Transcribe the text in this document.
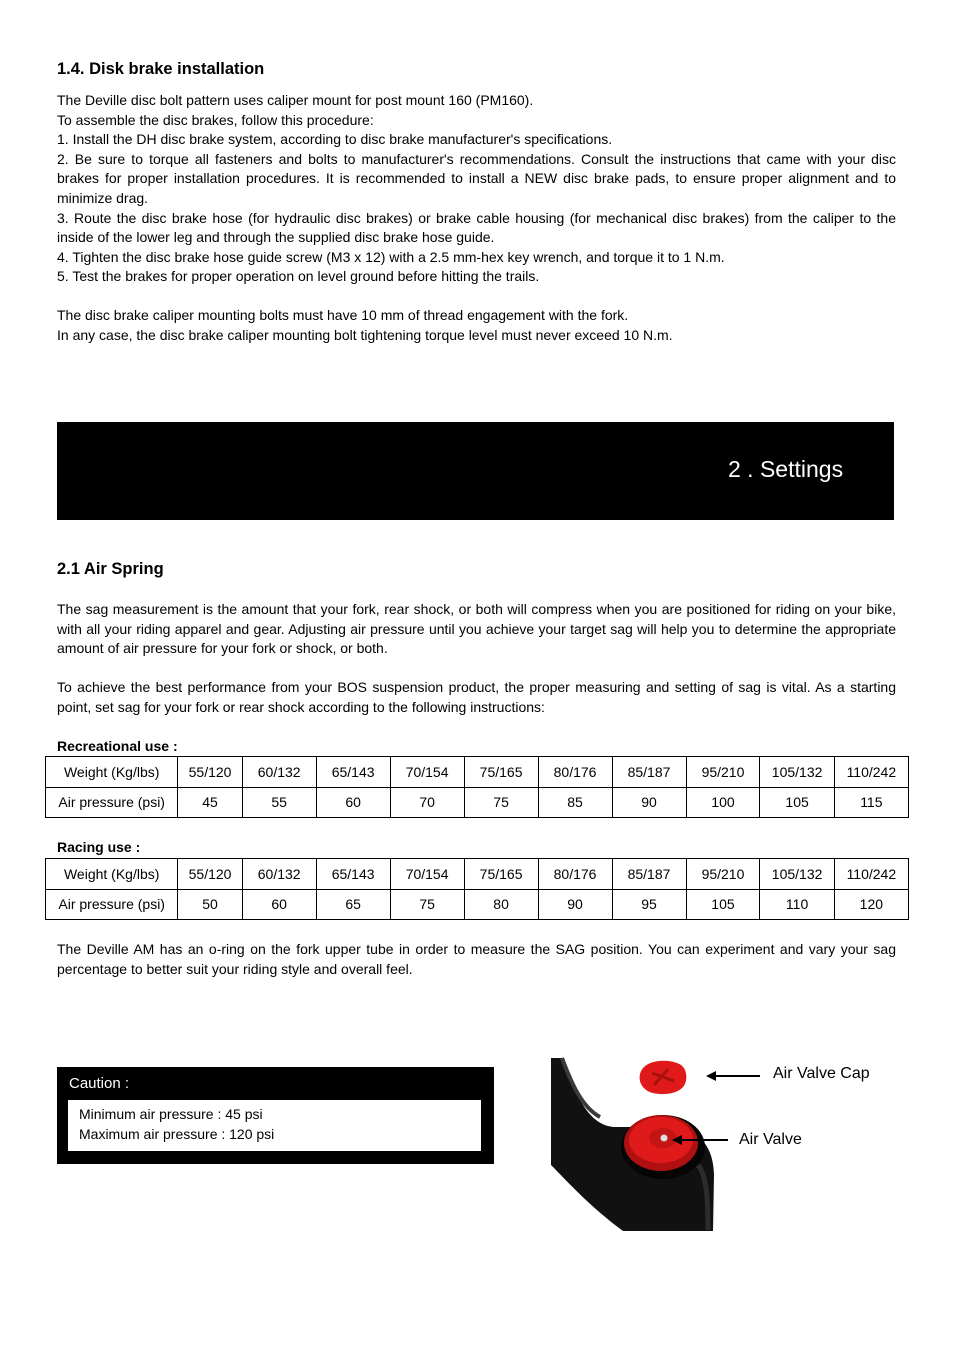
1.4. Disk brake installation

The Deville disc bolt pattern uses caliper mount for post mount 160 (PM160).

To assemble the disc brakes, follow this procedure:

1. Install the DH disc brake system, according to disc brake manufacturer's specifications.

2. Be sure to torque all fasteners and bolts to manufacturer's recommendations. Consult the instructions that came with your disc brakes for proper installation procedures. It is recommended to install a NEW disc brake pads, to ensure proper alignment and to minimize drag.

3. Route the disc brake hose (for hydraulic disc brakes) or brake cable housing (for mechanical disc brakes) from the caliper to the inside of the lower leg and through the supplied disc brake hose guide.

4. Tighten the disc brake hose guide screw (M3 x 12) with a 2.5 mm-hex key wrench, and torque it to 1 N.m.

5. Test the brakes for proper operation on level ground before hitting the trails.

The disc brake caliper mounting bolts must have 10 mm of thread engagement with the fork.

In any case, the disc brake caliper mounting bolt tightening torque level must never exceed 10 N.m.

2 . Settings
2.1 Air Spring

The sag measurement is the amount that your fork, rear shock, or both will compress when you are positioned for riding on your bike, with all your riding apparel and gear. Adjusting air pressure until you achieve your target sag will help you to determine the appropriate amount of air pressure for your fork or shock, or both.

To achieve the best performance from your BOS suspension product, the proper measuring and setting of sag is vital. As a starting point, set sag for your fork or rear shock according to the following instructions:

Recreational use :
Weight (Kg/lbs)	55/120	60/132	65/143	70/154	75/165	80/176	85/187	95/210	105/132	110/242
Air pressure (psi)	45	55	60	70	75	85	90	100	105	115
Racing use :
Weight (Kg/lbs)	55/120	60/132	65/143	70/154	75/165	80/176	85/187	95/210	105/132	110/242
Air pressure (psi)	50	60	65	75	80	90	95	105	110	120

The Deville AM has an o-ring on the fork upper tube in order to measure the SAG position. You can experiment and vary your sag percentage to better suit your riding style and overall feel.

Caution :
Minimum air pressure : 45 psi
Maximum air pressure : 120 psi
Air Valve Cap
Air Valve
